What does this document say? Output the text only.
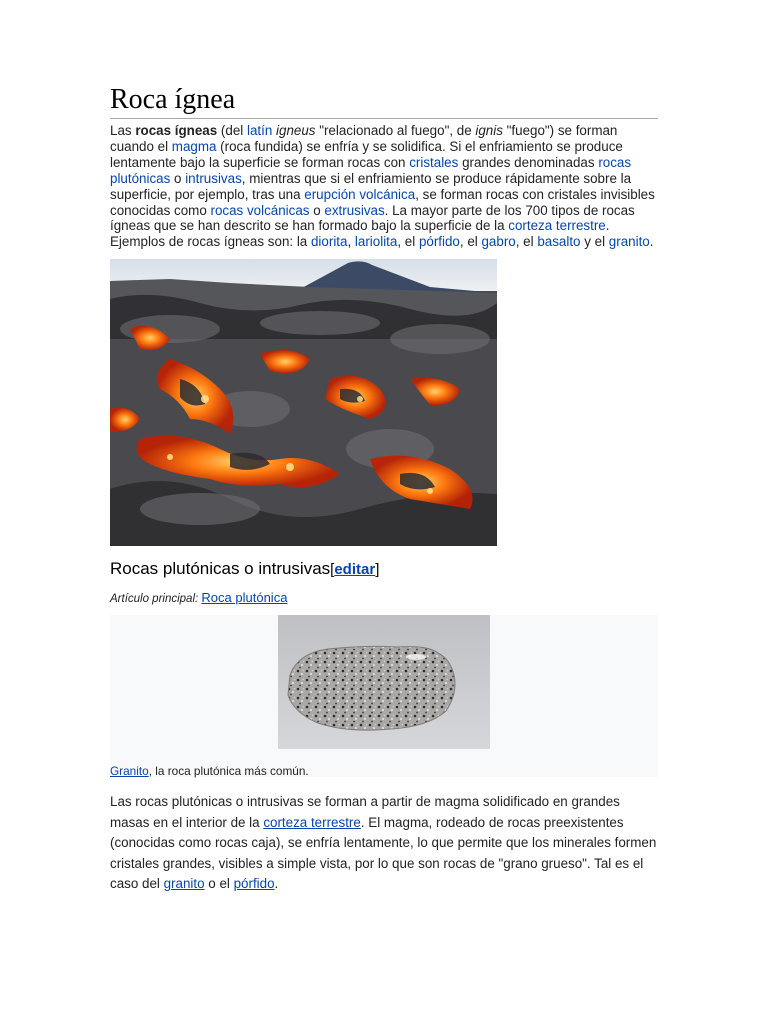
Roca ígnea

Las rocas ígneas (del latín igneus "relacionado al fuego", de ignis "fuego") se forman cuando el magma (roca fundida) se enfría y se solidifica. Si el enfriamiento se produce lentamente bajo la superficie se forman rocas con cristales grandes denominadas rocas plutónicas o intrusivas, mientras que si el enfriamiento se produce rápidamente sobre la superficie, por ejemplo, tras una erupción volcánica, se forman rocas con cristales invisibles conocidas como rocas volcánicas o extrusivas. La mayor parte de los 700 tipos de rocas ígneas que se han descrito se han formado bajo la superficie de la corteza terrestre. Ejemplos de rocas ígneas son: la diorita, lariolita, el pórfido, el gabro, el basalto y el granito.

Rocas plutónicas o intrusivas[editar]
Artículo principal: Roca plutónica
Granito, la roca plutónica más común.

Las rocas plutónicas o intrusivas se forman a partir de magma solidificado en grandes masas en el interior de la corteza terrestre. El magma, rodeado de rocas preexistentes (conocidas como rocas caja), se enfría lentamente, lo que permite que los minerales formen cristales grandes, visibles a simple vista, por lo que son rocas de "grano grueso". Tal es el caso del granito o el pórfido.
